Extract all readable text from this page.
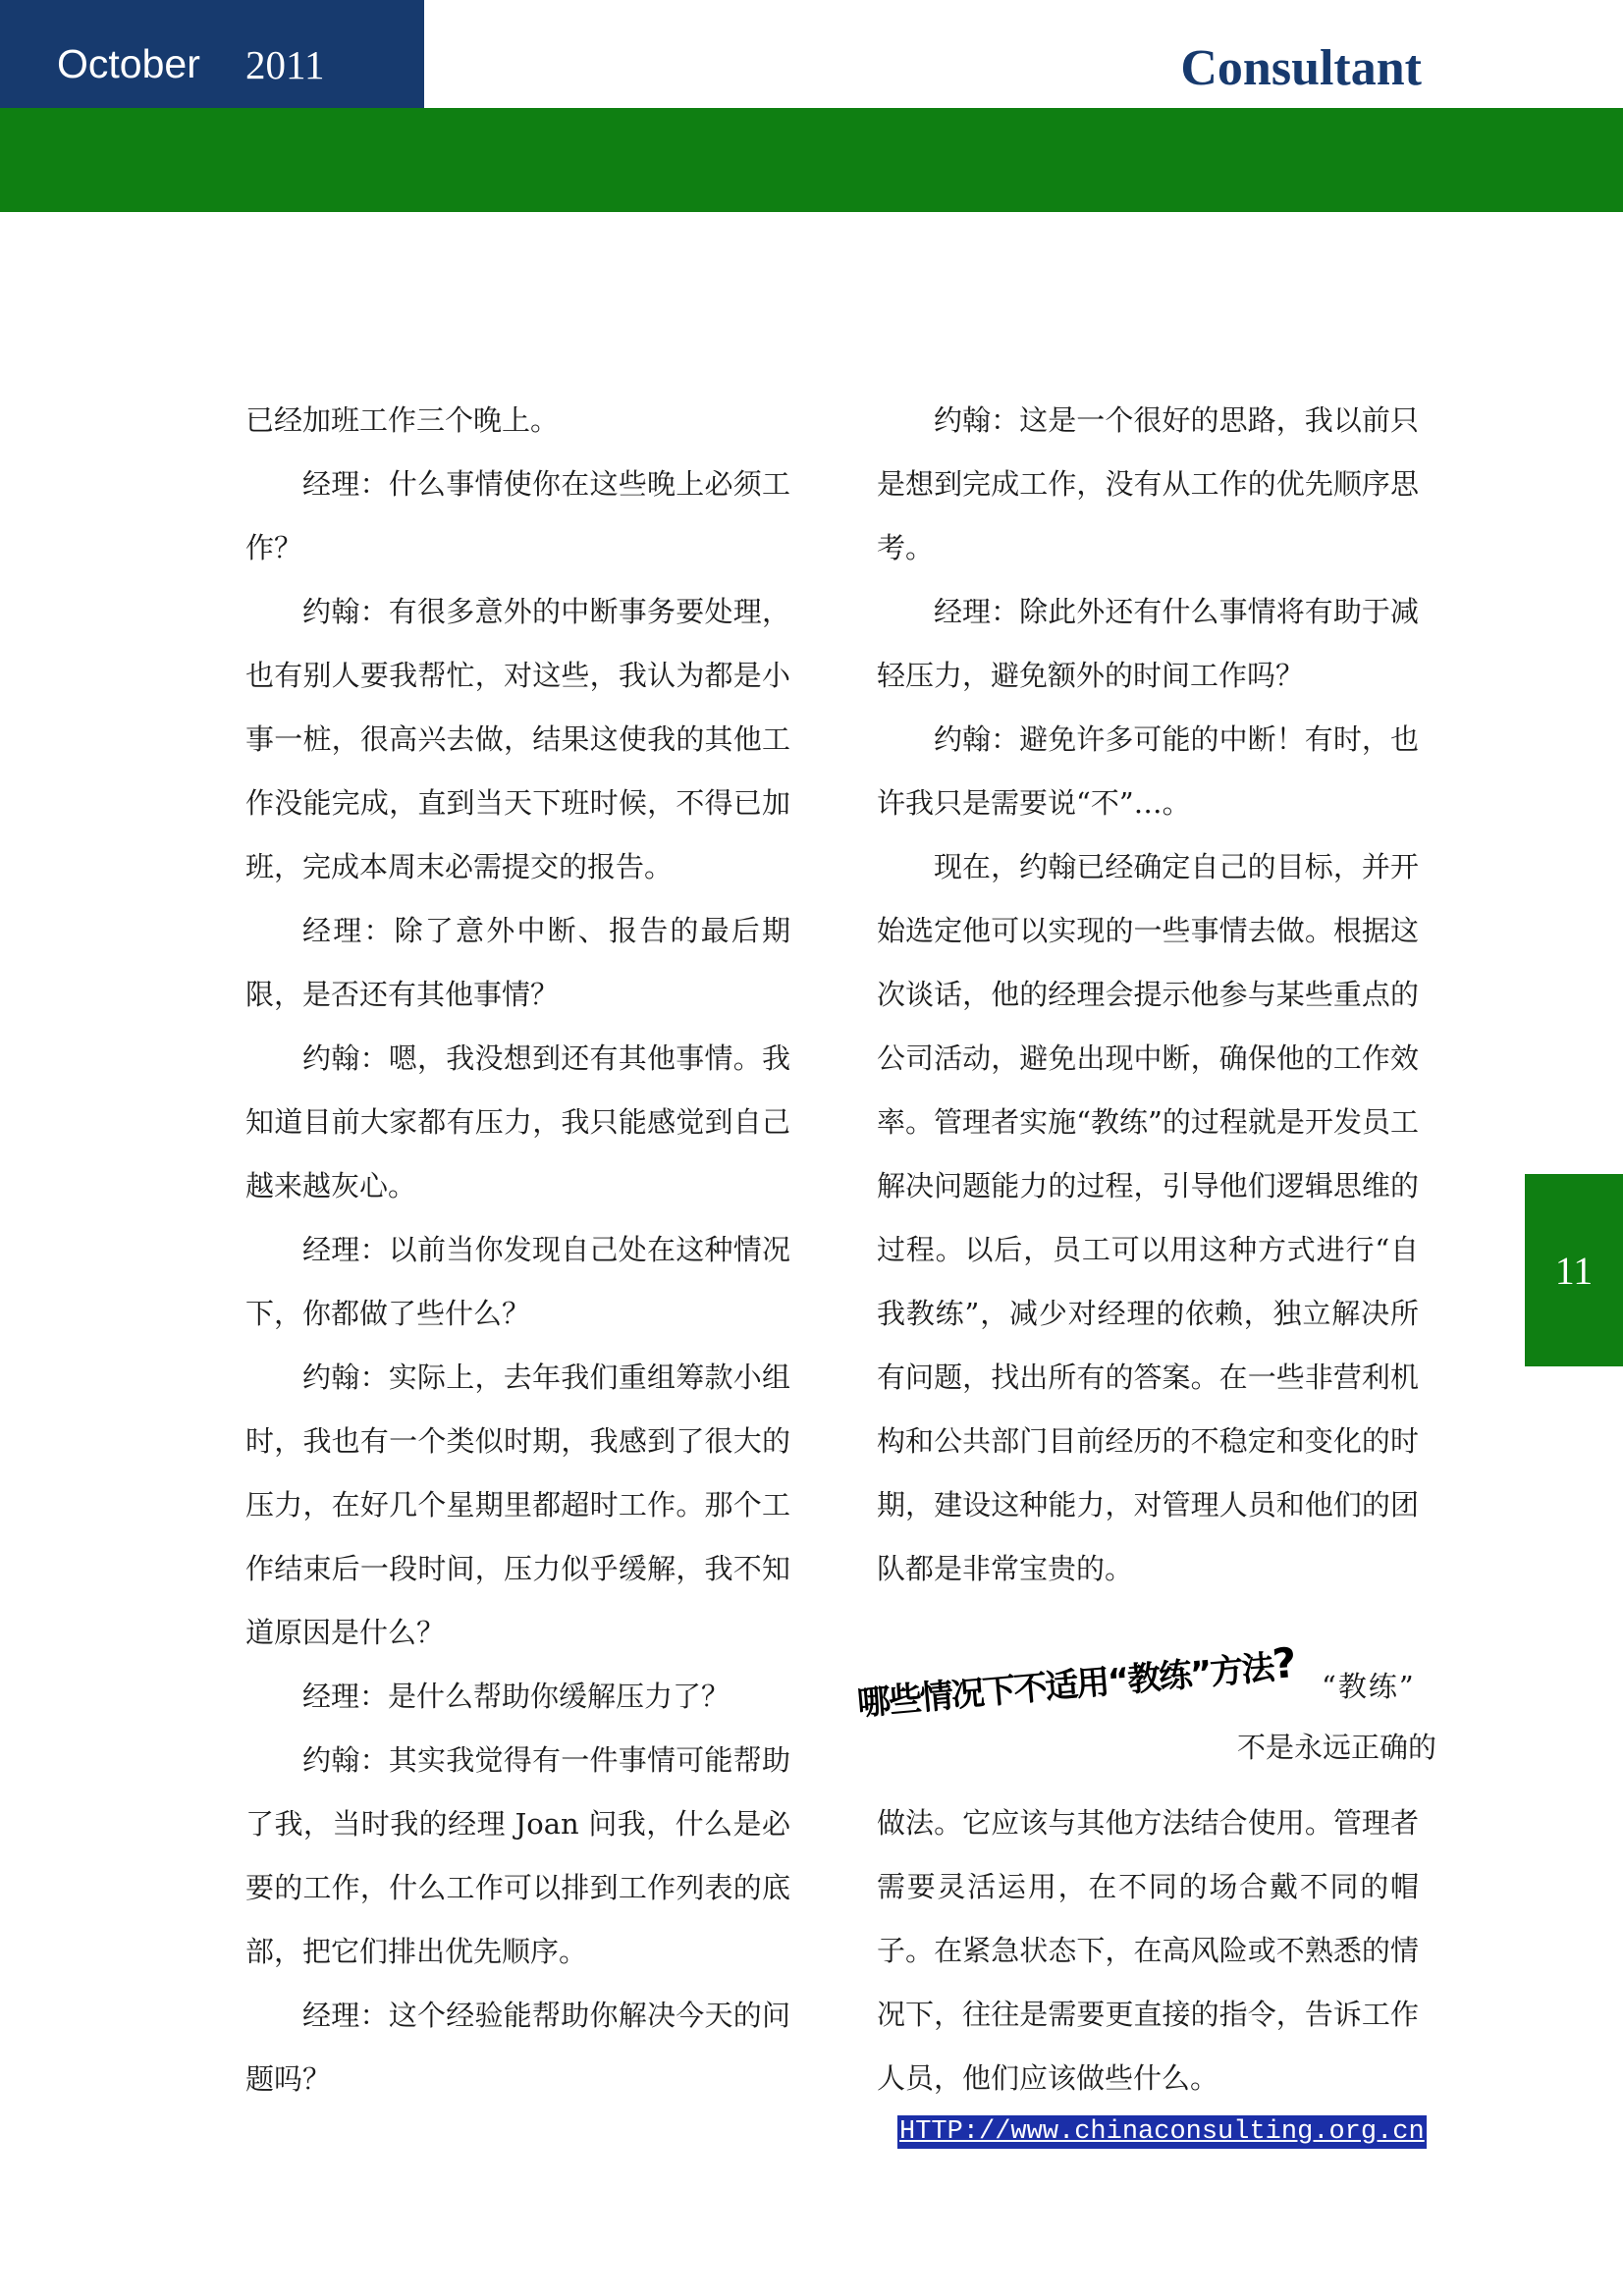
October 2011	Consultant

已经加班工作三个晚上。

经理：什么事情使你在这些晚上必须工作？

约翰：有很多意外的中断事务要处理，也有别人要我帮忙，对这些，我认为都是小事一桩，很高兴去做，结果这使我的其他工作没能完成，直到当天下班时候，不得已加班，完成本周末必需提交的报告。

经理：除了意外中断、报告的最后期限，是否还有其他事情？

约翰：嗯，我没想到还有其他事情。我知道目前大家都有压力，我只能感觉到自己越来越灰心。

经理：以前当你发现自己处在这种情况下，你都做了些什么？

约翰：实际上，去年我们重组筹款小组时，我也有一个类似时期，我感到了很大的压力，在好几个星期里都超时工作。那个工作结束后一段时间，压力似乎缓解，我不知道原因是什么？

经理：是什么帮助你缓解压力了？

约翰：其实我觉得有一件事情可能帮助了我，当时我的经理 Joan 问我，什么是必要的工作，什么工作可以排到工作列表的底部，把它们排出优先顺序。

经理：这个经验能帮助你解决今天的问题吗？

约翰：这是一个很好的思路，我以前只是想到完成工作，没有从工作的优先顺序思考。

经理：除此外还有什么事情将有助于减轻压力，避免额外的时间工作吗？

约翰：避免许多可能的中断！有时，也许我只是需要说“不”…。

现在，约翰已经确定自己的目标，并开始选定他可以实现的一些事情去做。根据这次谈话，他的经理会提示他参与某些重点的公司活动，避免出现中断，确保他的工作效率。管理者实施“教练”的过程就是开发员工解决问题能力的过程，引导他们逻辑思维的过程。以后，员工可以用这种方式进行“自我教练”，减少对经理的依赖，独立解决所有问题，找出所有的答案。在一些非营利机构和公共部门目前经历的不稳定和变化的时期，建设这种能力，对管理人员和他们的团队都是非常宝贵的。

11
哪些情况下不适用“教练”方法? “教练”
不是永远正确的

做法。它应该与其他方法结合使用。管理者需要灵活运用，在不同的场合戴不同的帽子。在紧急状态下，在高风险或不熟悉的情况下，往往是需要更直接的指令，告诉工作人员，他们应该做些什么。

HTTP://www.chinaconsulting.org.cn
